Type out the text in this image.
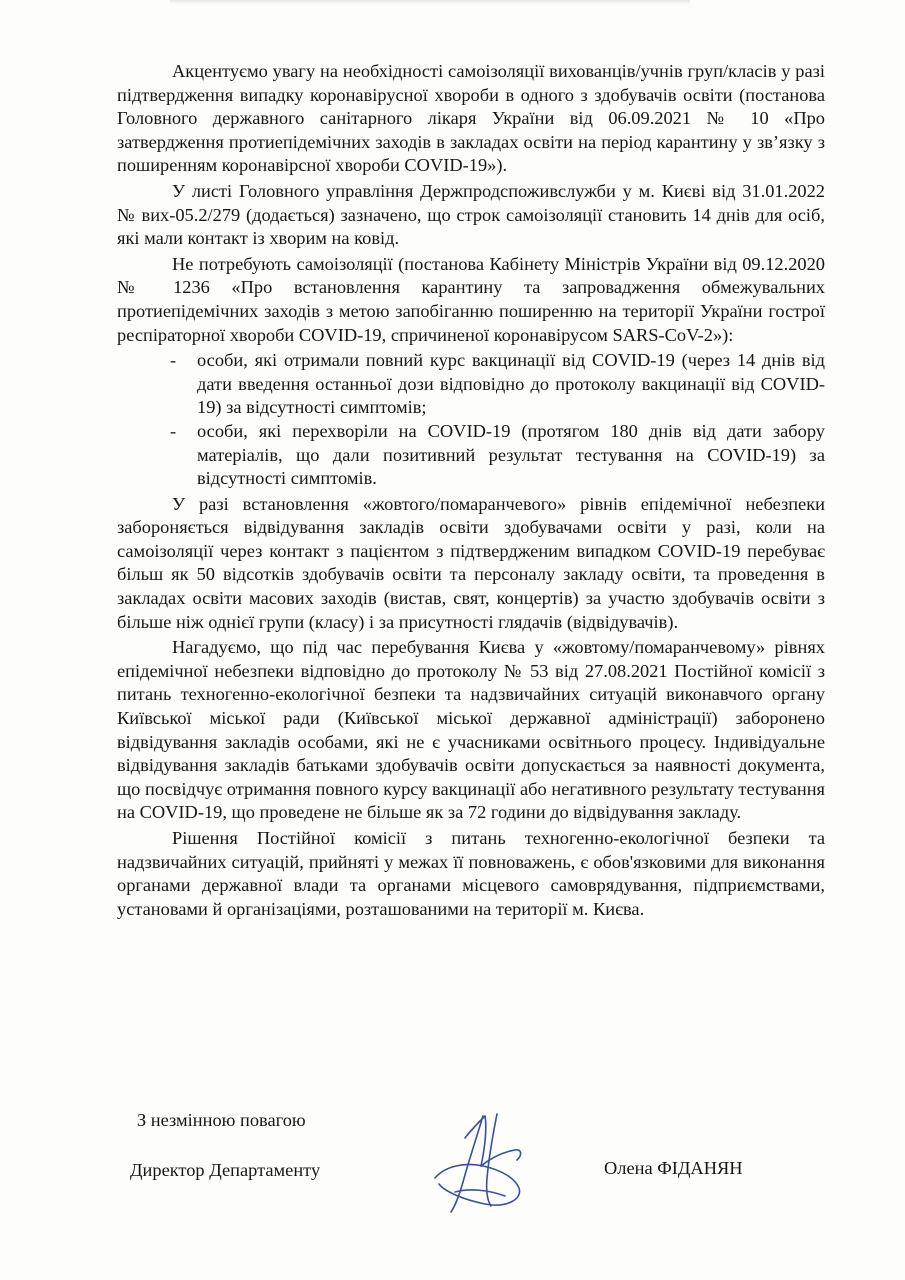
Акцентуємо увагу на необхідності самоізоляції вихованців/учнів груп/класів у разі підтвердження випадку коронавірусної хвороби в одного з здобувачів освіти (постанова Головного державного санітарного лікаря України від 06.09.2021 № 10 «Про затвердження протиепідемічних заходів в закладах освіти на період карантину у зв’язку з поширенням коронавірсної хвороби COVID-19»).

У листі Головного управління Держпродспоживслужби у м. Києві від 31.01.2022 № вих-05.2/279 (додається) зазначено, що строк самоізоляції становить 14 днів для осіб, які мали контакт із хворим на ковід.

Не потребують самоізоляції (постанова Кабінету Міністрів України від 09.12.2020 № 1236 «Про встановлення карантину та запровадження обмежувальних протиепідемічних заходів з метою запобіганню поширенню на території України гострої респіраторної хвороби COVID-19, спричиненої коронавірусом SARS-CoV-2»):

- особи, які отримали повний курс вакцинації від COVID-19 (через 14 днів від дати введення останньої дози відповідно до протоколу вакцинації від COVID-19) за відсутності симптомів;
- особи, які перехворіли на COVID-19 (протягом 180 днів від дати забору матеріалів, що дали позитивний результат тестування на COVID-19) за відсутності симптомів.

У разі встановлення «жовтого/помаранчевого» рівнів епідемічної небезпеки забороняється відвідування закладів освіти здобувачами освіти у разі, коли на самоізоляції через контакт з пацієнтом з підтвердженим випадком COVID-19 перебуває більш як 50 відсотків здобувачів освіти та персоналу закладу освіти, та проведення в закладах освіти масових заходів (вистав, свят, концертів) за участю здобувачів освіти з більше ніж однієї групи (класу) і за присутності глядачів (відвідувачів).

Нагадуємо, що під час перебування Києва у «жовтому/помаранчевому» рівнях епідемічної небезпеки відповідно до протоколу № 53 від 27.08.2021 Постійної комісії з питань техногенно-екологічної безпеки та надзвичайних ситуацій виконавчого органу Київської міської ради (Київської міської державної адміністрації) заборонено відвідування закладів особами, які не є учасниками освітнього процесу. Індивідуальне відвідування закладів батьками здобувачів освіти допускається за наявності документа, що посвідчує отримання повного курсу вакцинації або негативного результату тестування на COVID-19, що проведене не більше як за 72 години до відвідування закладу.

Рішення Постійної комісії з питань техногенно-екологічної безпеки та надзвичайних ситуацій, прийняті у межах її повноважень, є обов'язковими для виконання органами державної влади та органами місцевого самоврядування, підприємствами, установами й організаціями, розташованими на території м. Києва.

З незмінною повагою
Директор Департаменту	Олена ФІДАНЯН
